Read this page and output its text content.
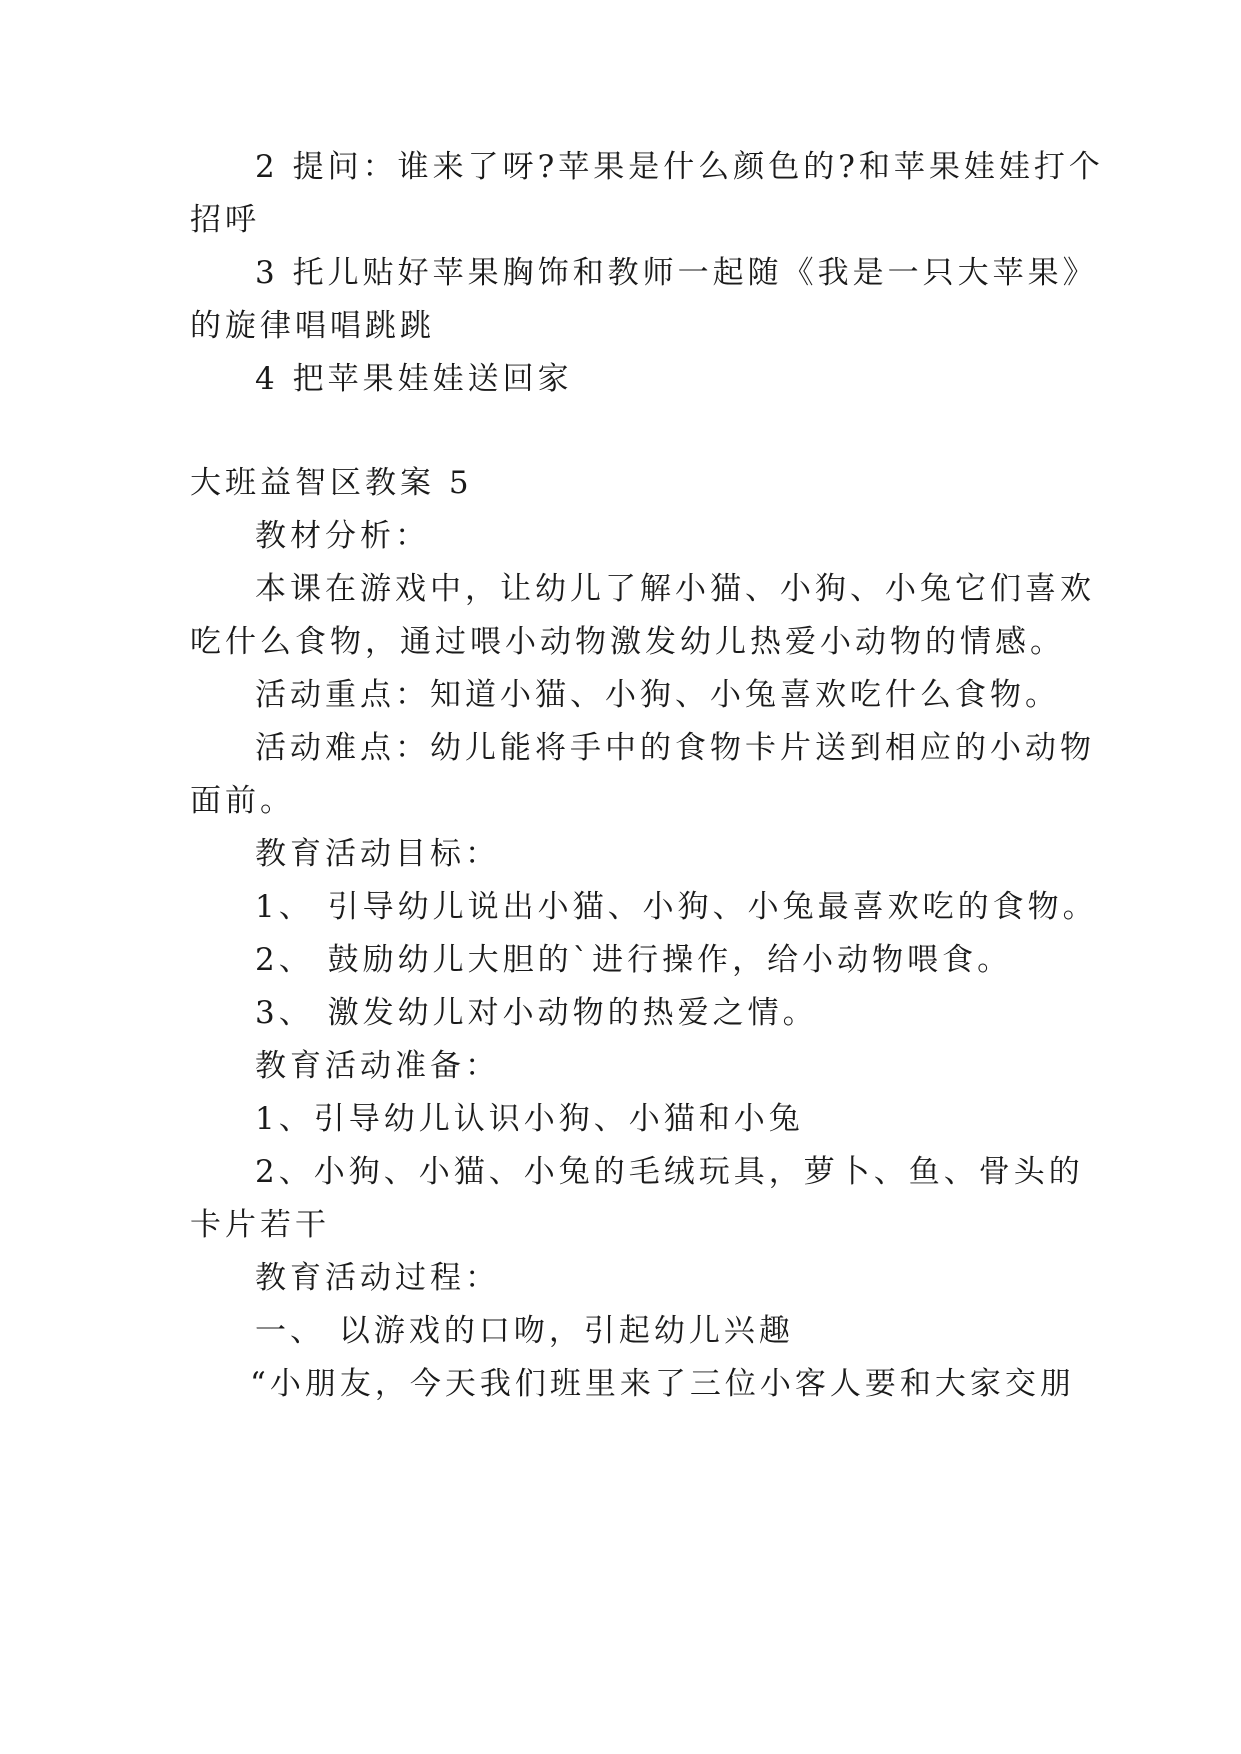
2 提问：谁来了呀?苹果是什么颜色的?和苹果娃娃打个
招呼
3 托儿贴好苹果胸饰和教师一起随《我是一只大苹果》
的旋律唱唱跳跳
4 把苹果娃娃送回家
大班益智区教案 5
教材分析：
本课在游戏中，让幼儿了解小猫、小狗、小兔它们喜欢
吃什么食物，通过喂小动物激发幼儿热爱小动物的情感。
活动重点：知道小猫、小狗、小兔喜欢吃什么食物。
活动难点：幼儿能将手中的食物卡片送到相应的小动物
面前。
教育活动目标：
1、 引导幼儿说出小猫、小狗、小兔最喜欢吃的食物。
2、 鼓励幼儿大胆的`进行操作，给小动物喂食。
3、 激发幼儿对小动物的热爱之情。
教育活动准备：
1、引导幼儿认识小狗、小猫和小兔
2、小狗、小猫、小兔的毛绒玩具，萝卜、鱼、骨头的
卡片若干
教育活动过程：
一、 以游戏的口吻，引起幼儿兴趣
“小朋友，今天我们班里来了三位小客人要和大家交朋
